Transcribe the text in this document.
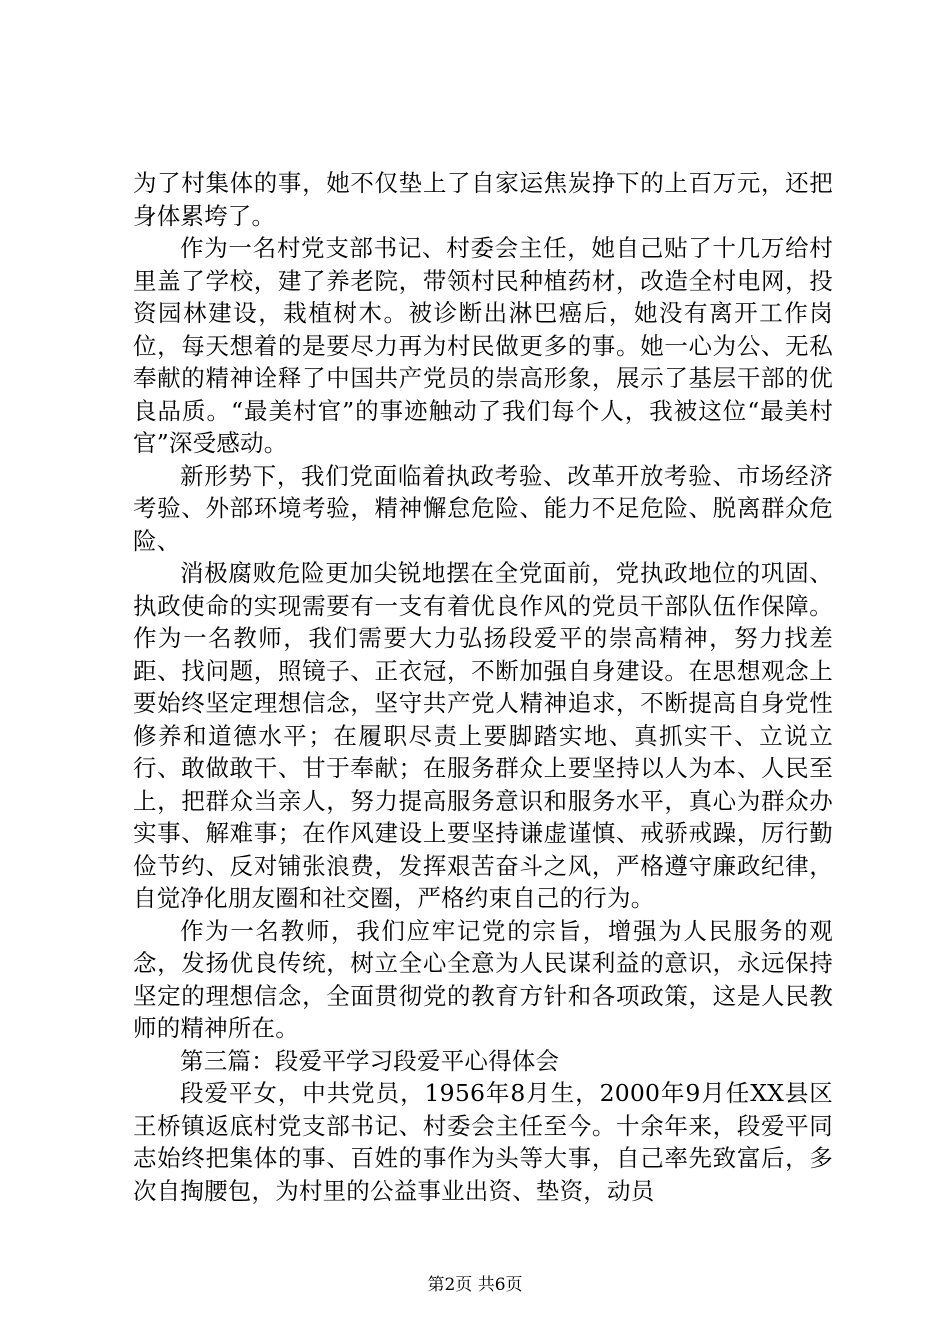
为了村集体的事，她不仅垫上了自家运焦炭挣下的上百万元，还把身体累垮了。

作为一名村党支部书记、村委会主任，她自己贴了十几万给村里盖了学校，建了养老院，带领村民种植药材，改造全村电网，投资园林建设，栽植树木。被诊断出淋巴癌后，她没有离开工作岗位，每天想着的是要尽力再为村民做更多的事。她一心为公、无私奉献的精神诠释了中国共产党员的崇高形象，展示了基层干部的优良品质。“最美村官”的事迹触动了我们每个人，我被这位“最美村官”深受感动。

新形势下，我们党面临着执政考验、改革开放考验、市场经济考验、外部环境考验，精神懈怠危险、能力不足危险、脱离群众危险、

消极腐败危险更加尖锐地摆在全党面前，党执政地位的巩固、执政使命的实现需要有一支有着优良作风的党员干部队伍作保障。作为一名教师，我们需要大力弘扬段爱平的崇高精神，努力找差距、找问题，照镜子、正衣冠，不断加强自身建设。在思想观念上要始终坚定理想信念，坚守共产党人精神追求，不断提高自身党性修养和道德水平；在履职尽责上要脚踏实地、真抓实干、立说立行、敢做敢干、甘于奉献；在服务群众上要坚持以人为本、人民至上，把群众当亲人，努力提高服务意识和服务水平，真心为群众办实事、解难事；在作风建设上要坚持谦虚谨慎、戒骄戒躁，厉行勤俭节约、反对铺张浪费，发挥艰苦奋斗之风，严格遵守廉政纪律，自觉净化朋友圈和社交圈，严格约束自己的行为。

作为一名教师，我们应牢记党的宗旨，增强为人民服务的观念，发扬优良传统，树立全心全意为人民谋利益的意识，永远保持坚定的理想信念，全面贯彻党的教育方针和各项政策，这是人民教师的精神所在。

第三篇：段爱平学习段爱平心得体会

段爱平女，中共党员，1956年8月生，2000年9月任XX县区王桥镇返底村党支部书记、村委会主任至今。十余年来，段爱平同志始终把集体的事、百姓的事作为头等大事，自己率先致富后，多次自掏腰包，为村里的公益事业出资、垫资，动员

第2页 共6页
